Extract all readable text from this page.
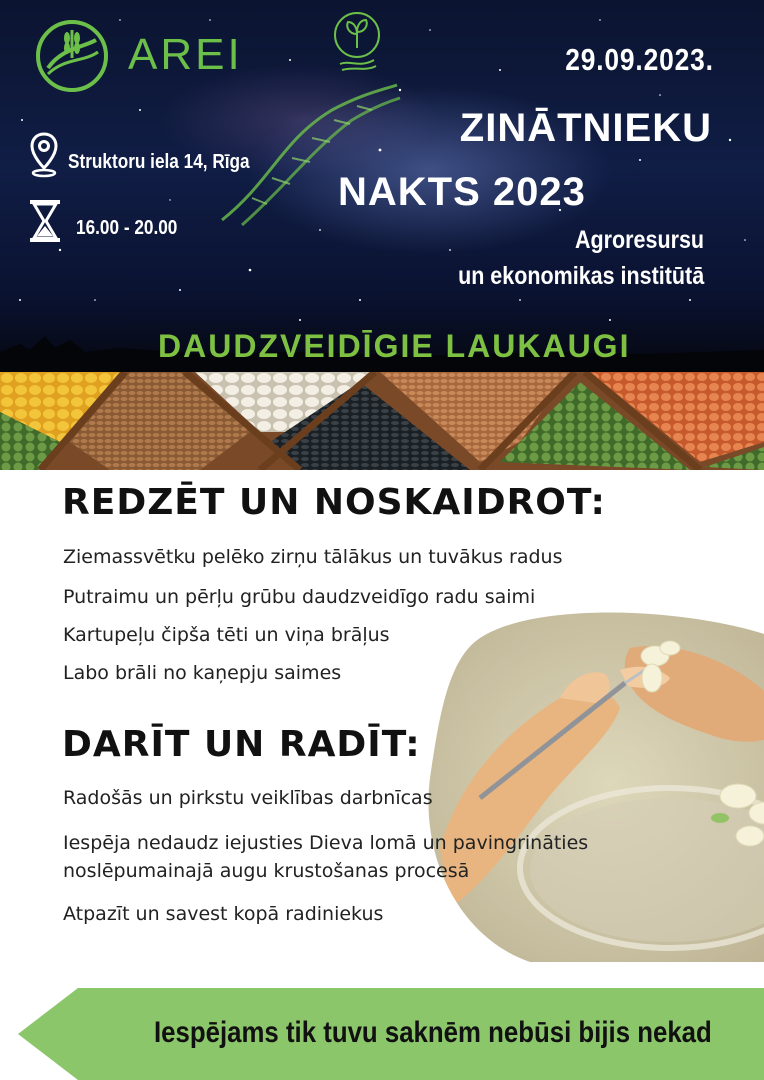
AREI	29.09.2023.
ZINĀTNIEKU
NAKTS 2023
Agroresursu
un ekonomikas institūtā
Struktoru iela 14, Rīga
16.00 - 20.00
DAUDZVEIDĪGIE LAUKAUGI
REDZĒT UN NOSKAIDROT:
Ziemassvētku pelēko zirņu tālākus un tuvākus radus
Putraimu un pērļu grūbu daudzveidīgo radu saimi
Kartupeļu čipša tēti un viņa brāļus
Labo brāli no kaņepju saimes
DARĪT UN RADĪT:
Radošās un pirkstu veiklības darbnīcas
Iespēja nedaudz iejusties Dieva lomā un pavingrināties
noslēpumainajā augu krustošanas procesā
Atpazīt un savest kopā radiniekus
Iespējams tik tuvu saknēm nebūsi bijis nekad
